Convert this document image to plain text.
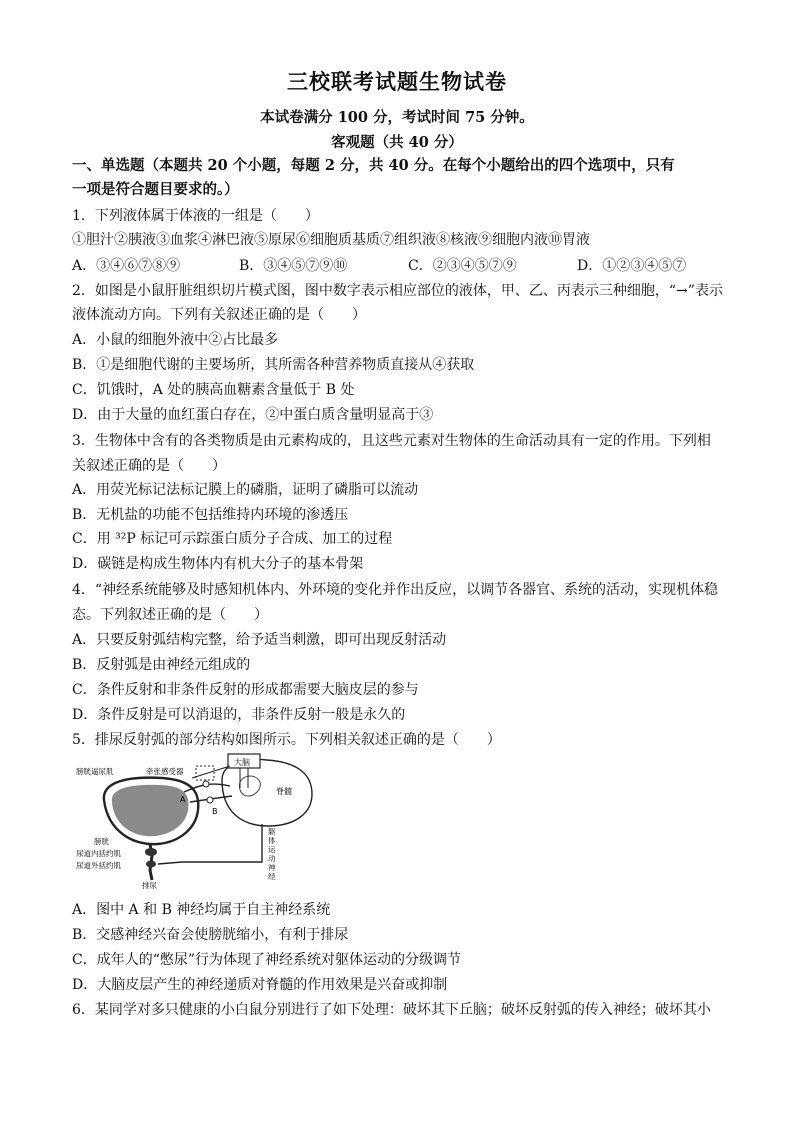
三校联考试题生物试卷
本试卷满分 100 分，考试时间 75 分钟。
客观题（共 40 分）
一、单选题（本题共 20 个小题，每题 2 分，共 40 分。在每个小题给出的四个选项中，只有
一项是符合题目要求的。）
1．下列液体属于体液的一组是（　　）
①胆汁②胰液③血浆④淋巴液⑤原尿⑥细胞质基质⑦组织液⑧核液⑨细胞内液⑩胃液
A．③④⑥⑦⑧⑨	B．③④⑤⑦⑨⑩	C．②③④⑤⑦⑨	D．①②③④⑤⑦
2．如图是小鼠肝脏组织切片模式图，图中数字表示相应部位的液体，甲、乙、丙表示三种细胞，“→”表示
液体流动方向。下列有关叙述正确的是（　　）
A．小鼠的细胞外液中②占比最多
B．①是细胞代谢的主要场所，其所需各种营养物质直接从④获取
C．饥饿时，A 处的胰高血糖素含量低于 B 处
D．由于大量的血红蛋白存在，②中蛋白质含量明显高于③
3．生物体中含有的各类物质是由元素构成的，且这些元素对生物体的生命活动具有一定的作用。下列相
关叙述正确的是（　　）
A．用荧光标记法标记膜上的磷脂，证明了磷脂可以流动
B．无机盐的功能不包括维持内环境的渗透压
C．用 ³²P 标记可示踪蛋白质分子合成、加工的过程
D．碳链是构成生物体内有机大分子的基本骨架
4．“神经系统能够及时感知机体内、外环境的变化并作出反应，以调节各器官、系统的活动，实现机体稳
态。下列叙述正确的是（　　）
A．只要反射弧结构完整，给予适当刺激，即可出现反射活动
B．反射弧是由神经元组成的
C．条件反射和非条件反射的形成都需要大脑皮层的参与
D．条件反射是可以消退的，非条件反射一般是永久的
5．排尿反射弧的部分结构如图所示。下列相关叙述正确的是（　　）
大脑
脊髓
膀胱逼尿肌	牵张感受器
A
B
膀胱
尿道内括约肌
尿道外括约肌
排尿
躯
体
运
动
神
经
A．图中 A 和 B 神经均属于自主神经系统
B．交感神经兴奋会使膀胱缩小，有利于排尿
C．成年人的“憋尿”行为体现了神经系统对躯体运动的分级调节
D．大脑皮层产生的神经递质对脊髓的作用效果是兴奋或抑制
6．某同学对多只健康的小白鼠分别进行了如下处理：破坏其下丘脑；破坏反射弧的传入神经；破坏其小
